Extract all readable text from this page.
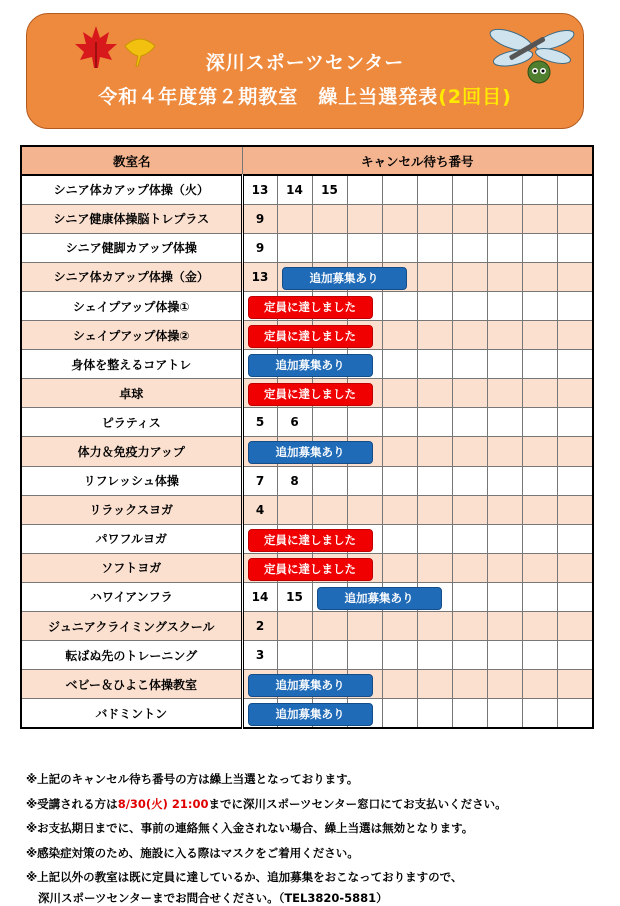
深川スポーツセンター
令和４年度第２期教室　繰上当選発表(2回目)
教室名	キャンセル待ち番号									
シニア体カアップ体操（火）	13	14	15							
シニア健康体操脳トレプラス	9									
シニア健脚カアップ体操	9									
シニア体カアップ体操（金）	13	追加募集あり								

シェイプアップ体操①	定員に達しました									

シェイプアップ体操②	定員に達しました									

身体を整えるコアトレ	追加募集あり									

卓球	定員に達しました									

ピラティス	5	6								
体力＆免疫力アップ	追加募集あり									

リフレッシュ体操	7	8								
リラックスヨガ	4									
パワフルヨガ	定員に達しました									

ソフトヨガ	定員に達しました									

ハワイアンフラ	14	15	追加募集あり							

ジュニアクライミングスクール	2									
転ばぬ先のトレーニング	3									
ベビー＆ひよこ体操教室	追加募集あり									

バドミントン	追加募集あり									

※上記のキャンセル待ち番号の方は繰上当選となっております。
※受講される方は8/30(火) 21:00までに深川スポーツセンター窓口にてお支払いください。
※お支払期日までに、事前の連絡無く入金されない場合、繰上当選は無効となります。
※感染症対策のため、施設に入る際はマスクをご着用ください。
※上記以外の教室は既に定員に達しているか、追加募集をおこなっておりますので、
深川スポーツセンターまでお問合せください。（TEL3820-5881）
